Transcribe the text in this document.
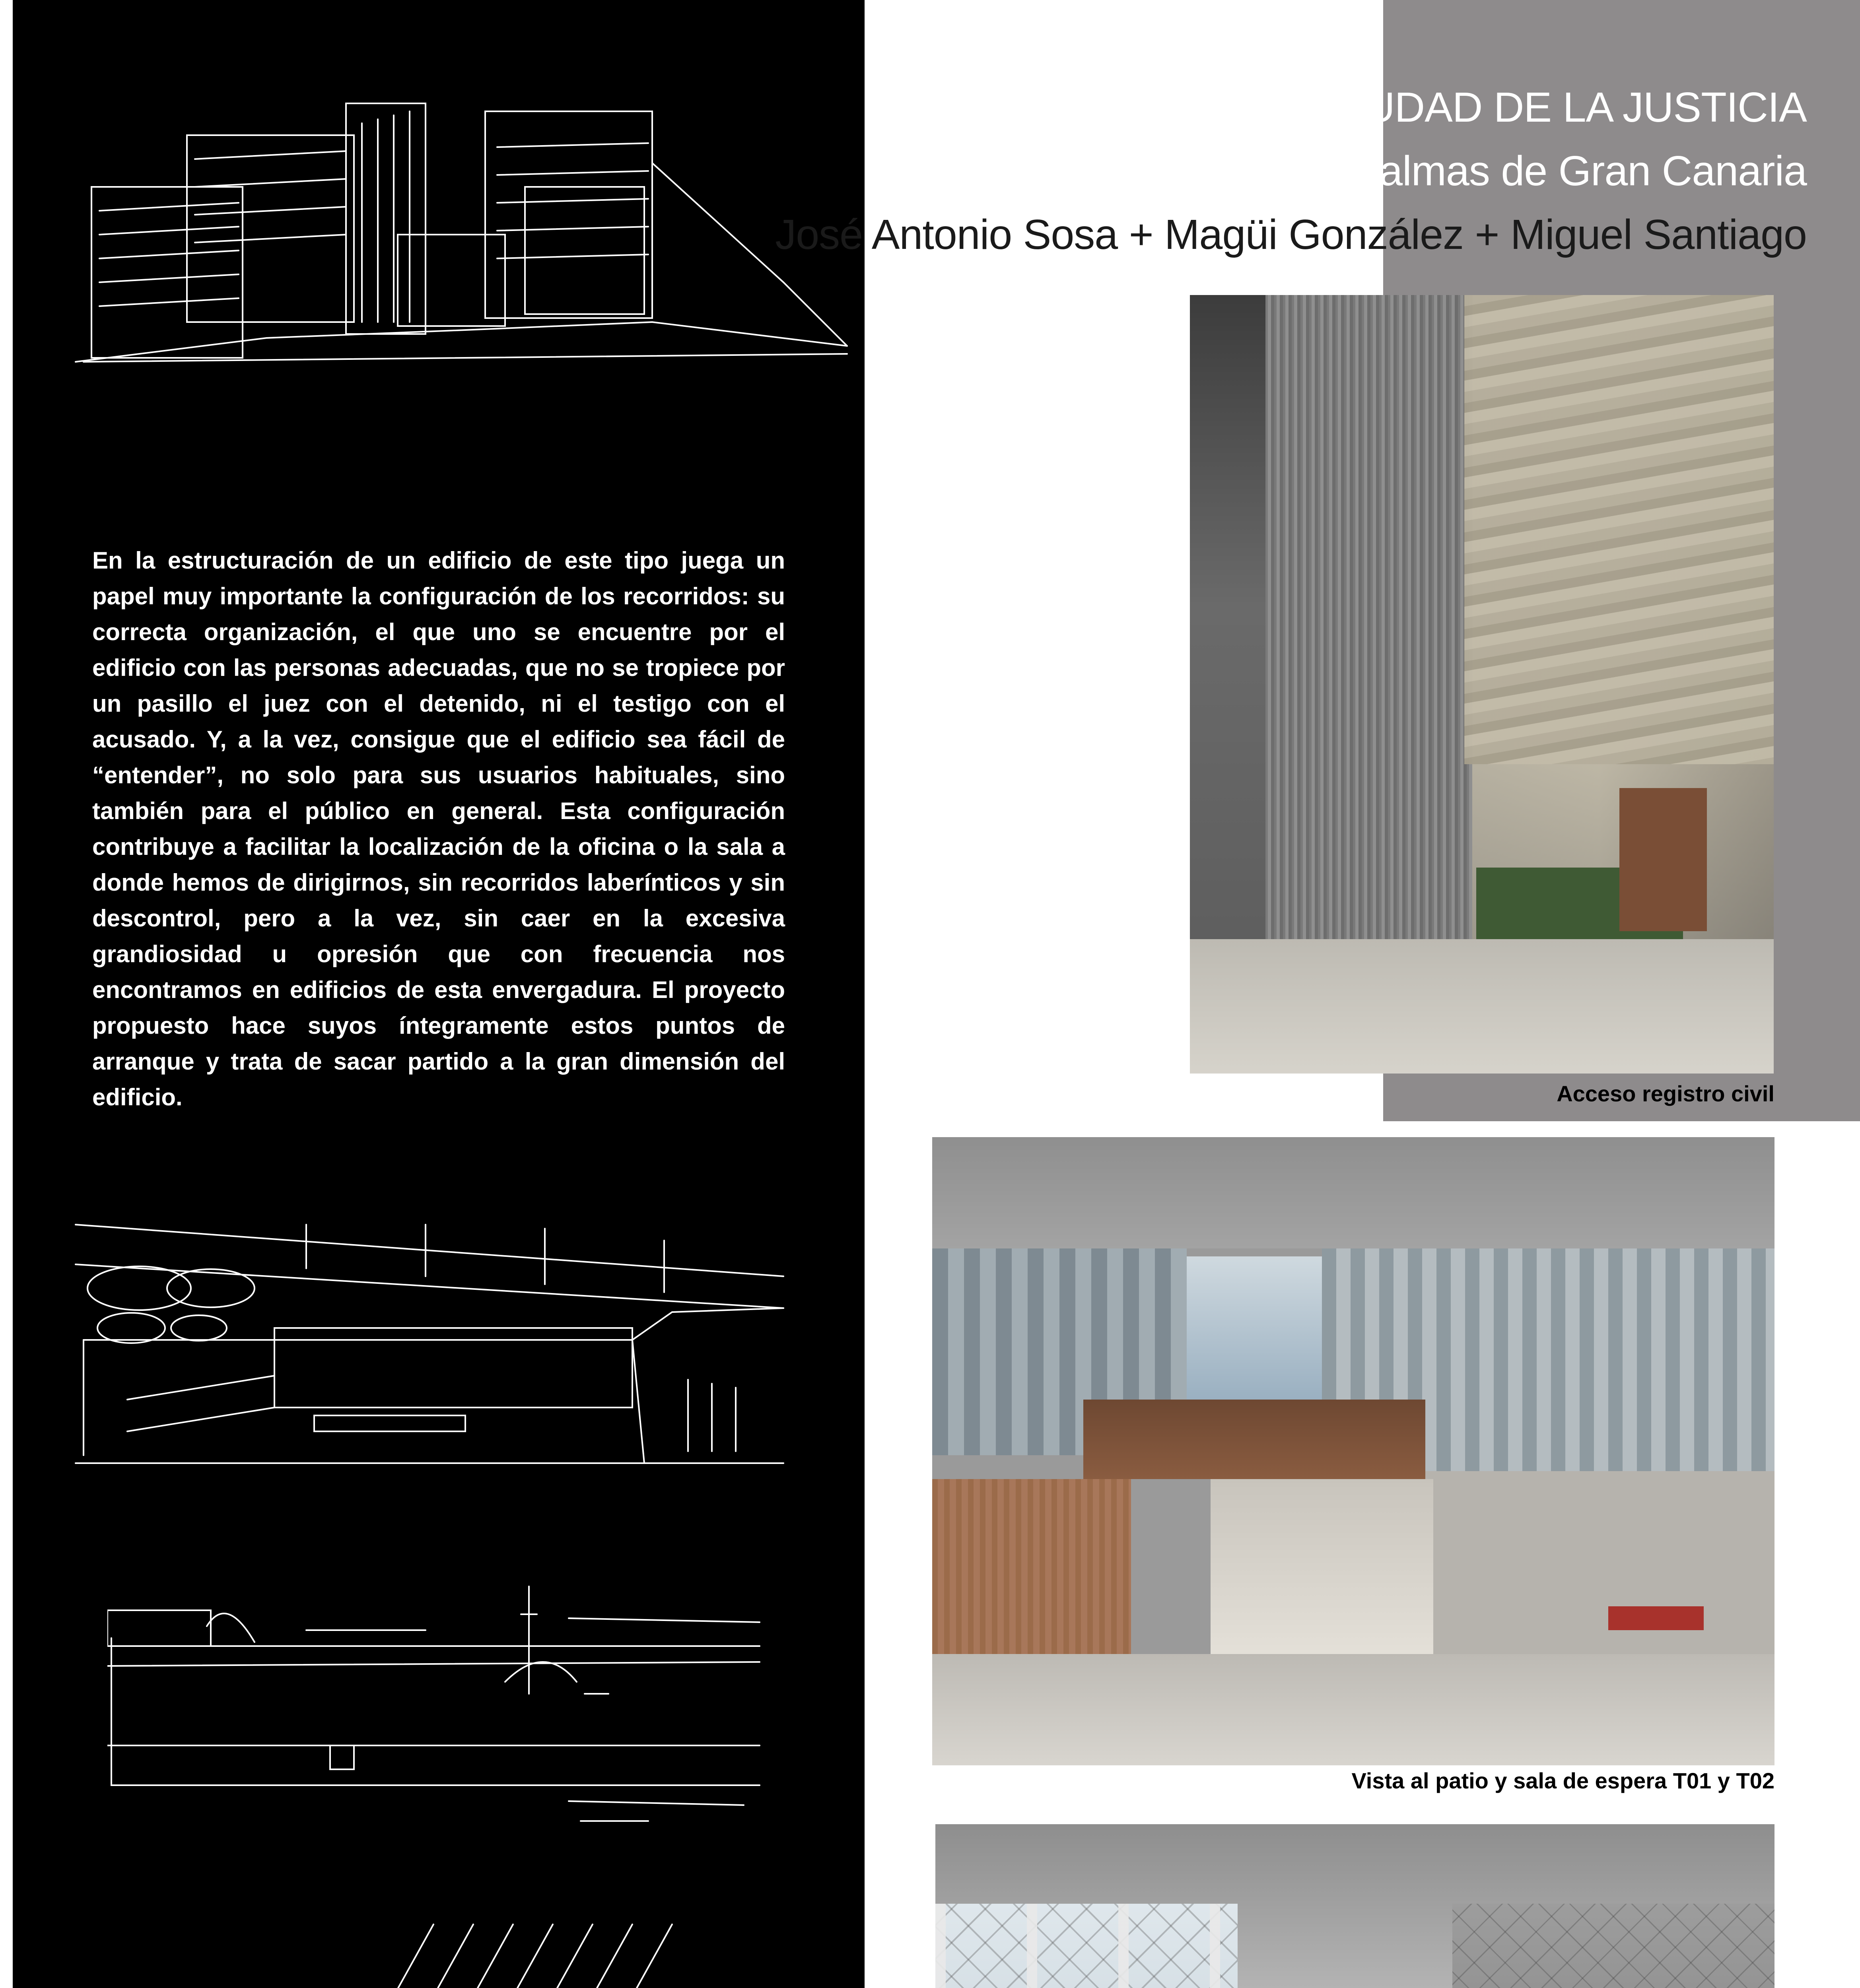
CIUDAD DE LA JUSTICIA
Las Palmas de Gran Canaria
José Antonio Sosa + Magüi González + Miguel Santiago
En la estructuración de un edificio de este tipo juega un papel muy importante la configuración de los recorridos: su correcta organización, el que uno se encuentre por el edificio con las personas adecuadas, que no se tropiece por un pasillo el juez con el detenido, ni el testigo con el acusado. Y, a la vez, consigue que el edificio sea fácil de “entender”, no solo para sus usuarios habituales, sino también para el público en general. Esta configuración contribuye a facilitar la localización de la oficina o la sala a donde hemos de dirigirnos, sin recorridos laberínticos y sin descontrol, pero a la vez, sin caer en la excesiva grandiosidad u opresión que con frecuencia nos encontramos en edificios de esta envergadura. El proyecto propuesto hace suyos íntegramente estos puntos de arranque y trata de sacar partido a la gran dimensión del edificio.	Acceso registro civil
Vista al patio y sala de espera T01 y T02
